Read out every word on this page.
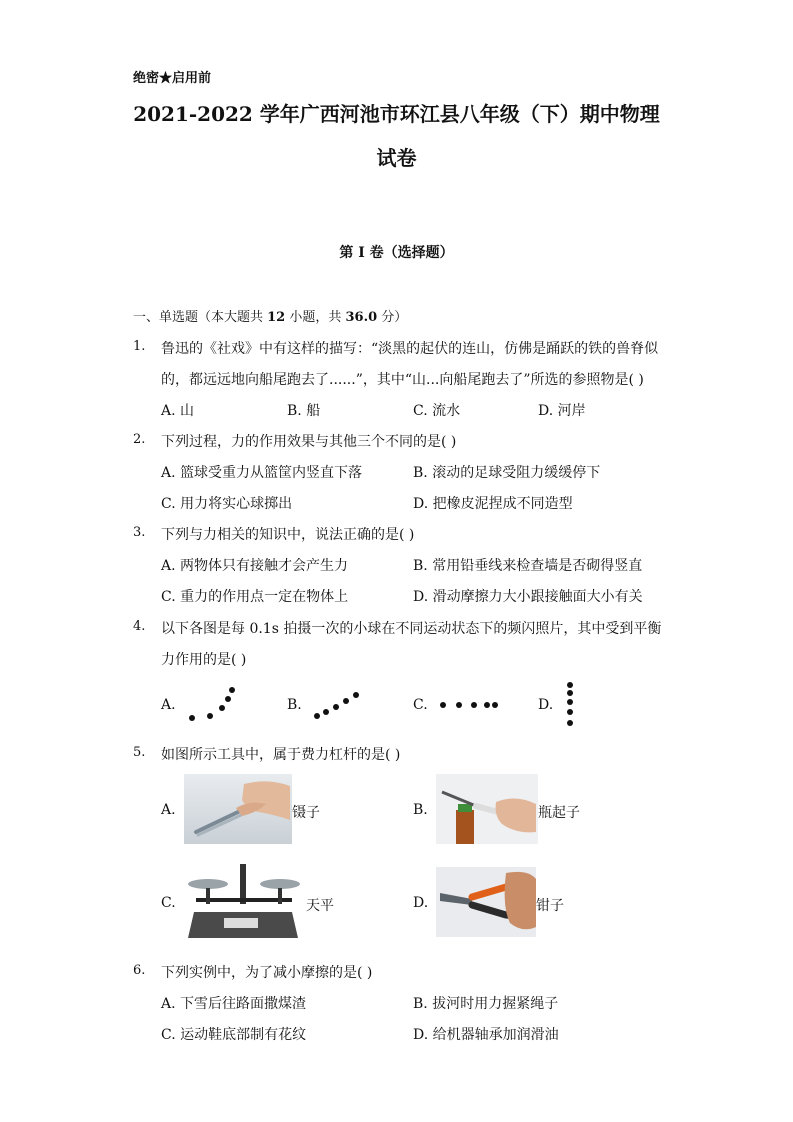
绝密★启用前
2021-2022 学年广西河池市环江县八年级（下）期中物理
试卷
第 I 卷（选择题）
一、单选题（本大题共 12 小题，共 36.0 分）
1. 鲁迅的《社戏》中有这样的描写：“淡黑的起伏的连山，仿佛是踊跃的铁的兽脊似
的，都远远地向船尾跑去了......”，其中“山...向船尾跑去了”所选的参照物是( )
A. 山	B. 船	C. 流水	D. 河岸
2. 下列过程，力的作用效果与其他三个不同的是( )
A. 篮球受重力从篮筐内竖直下落	B. 滚动的足球受阻力缓缓停下
C. 用力将实心球掷出	D. 把橡皮泥捏成不同造型
3. 下列与力相关的知识中，说法正确的是( )
A. 两物体只有接触才会产生力	B. 常用铅垂线来检查墙是否砌得竖直
C. 重力的作用点一定在物体上	D. 滑动摩擦力大小跟接触面大小有关
4. 以下各图是每 0.1s 拍摄一次的小球在不同运动状态下的频闪照片，其中受到平衡
力作用的是( )
A.	B.	C.	D.
5. 如图所示工具中，属于费力杠杆的是( )
A.	镊子	B.	瓶起子
C.	天平	D.	钳子
6. 下列实例中，为了减小摩擦的是( )
A. 下雪后往路面撒煤渣	B. 拔河时用力握紧绳子
C. 运动鞋底部制有花纹	D. 给机器轴承加润滑油
